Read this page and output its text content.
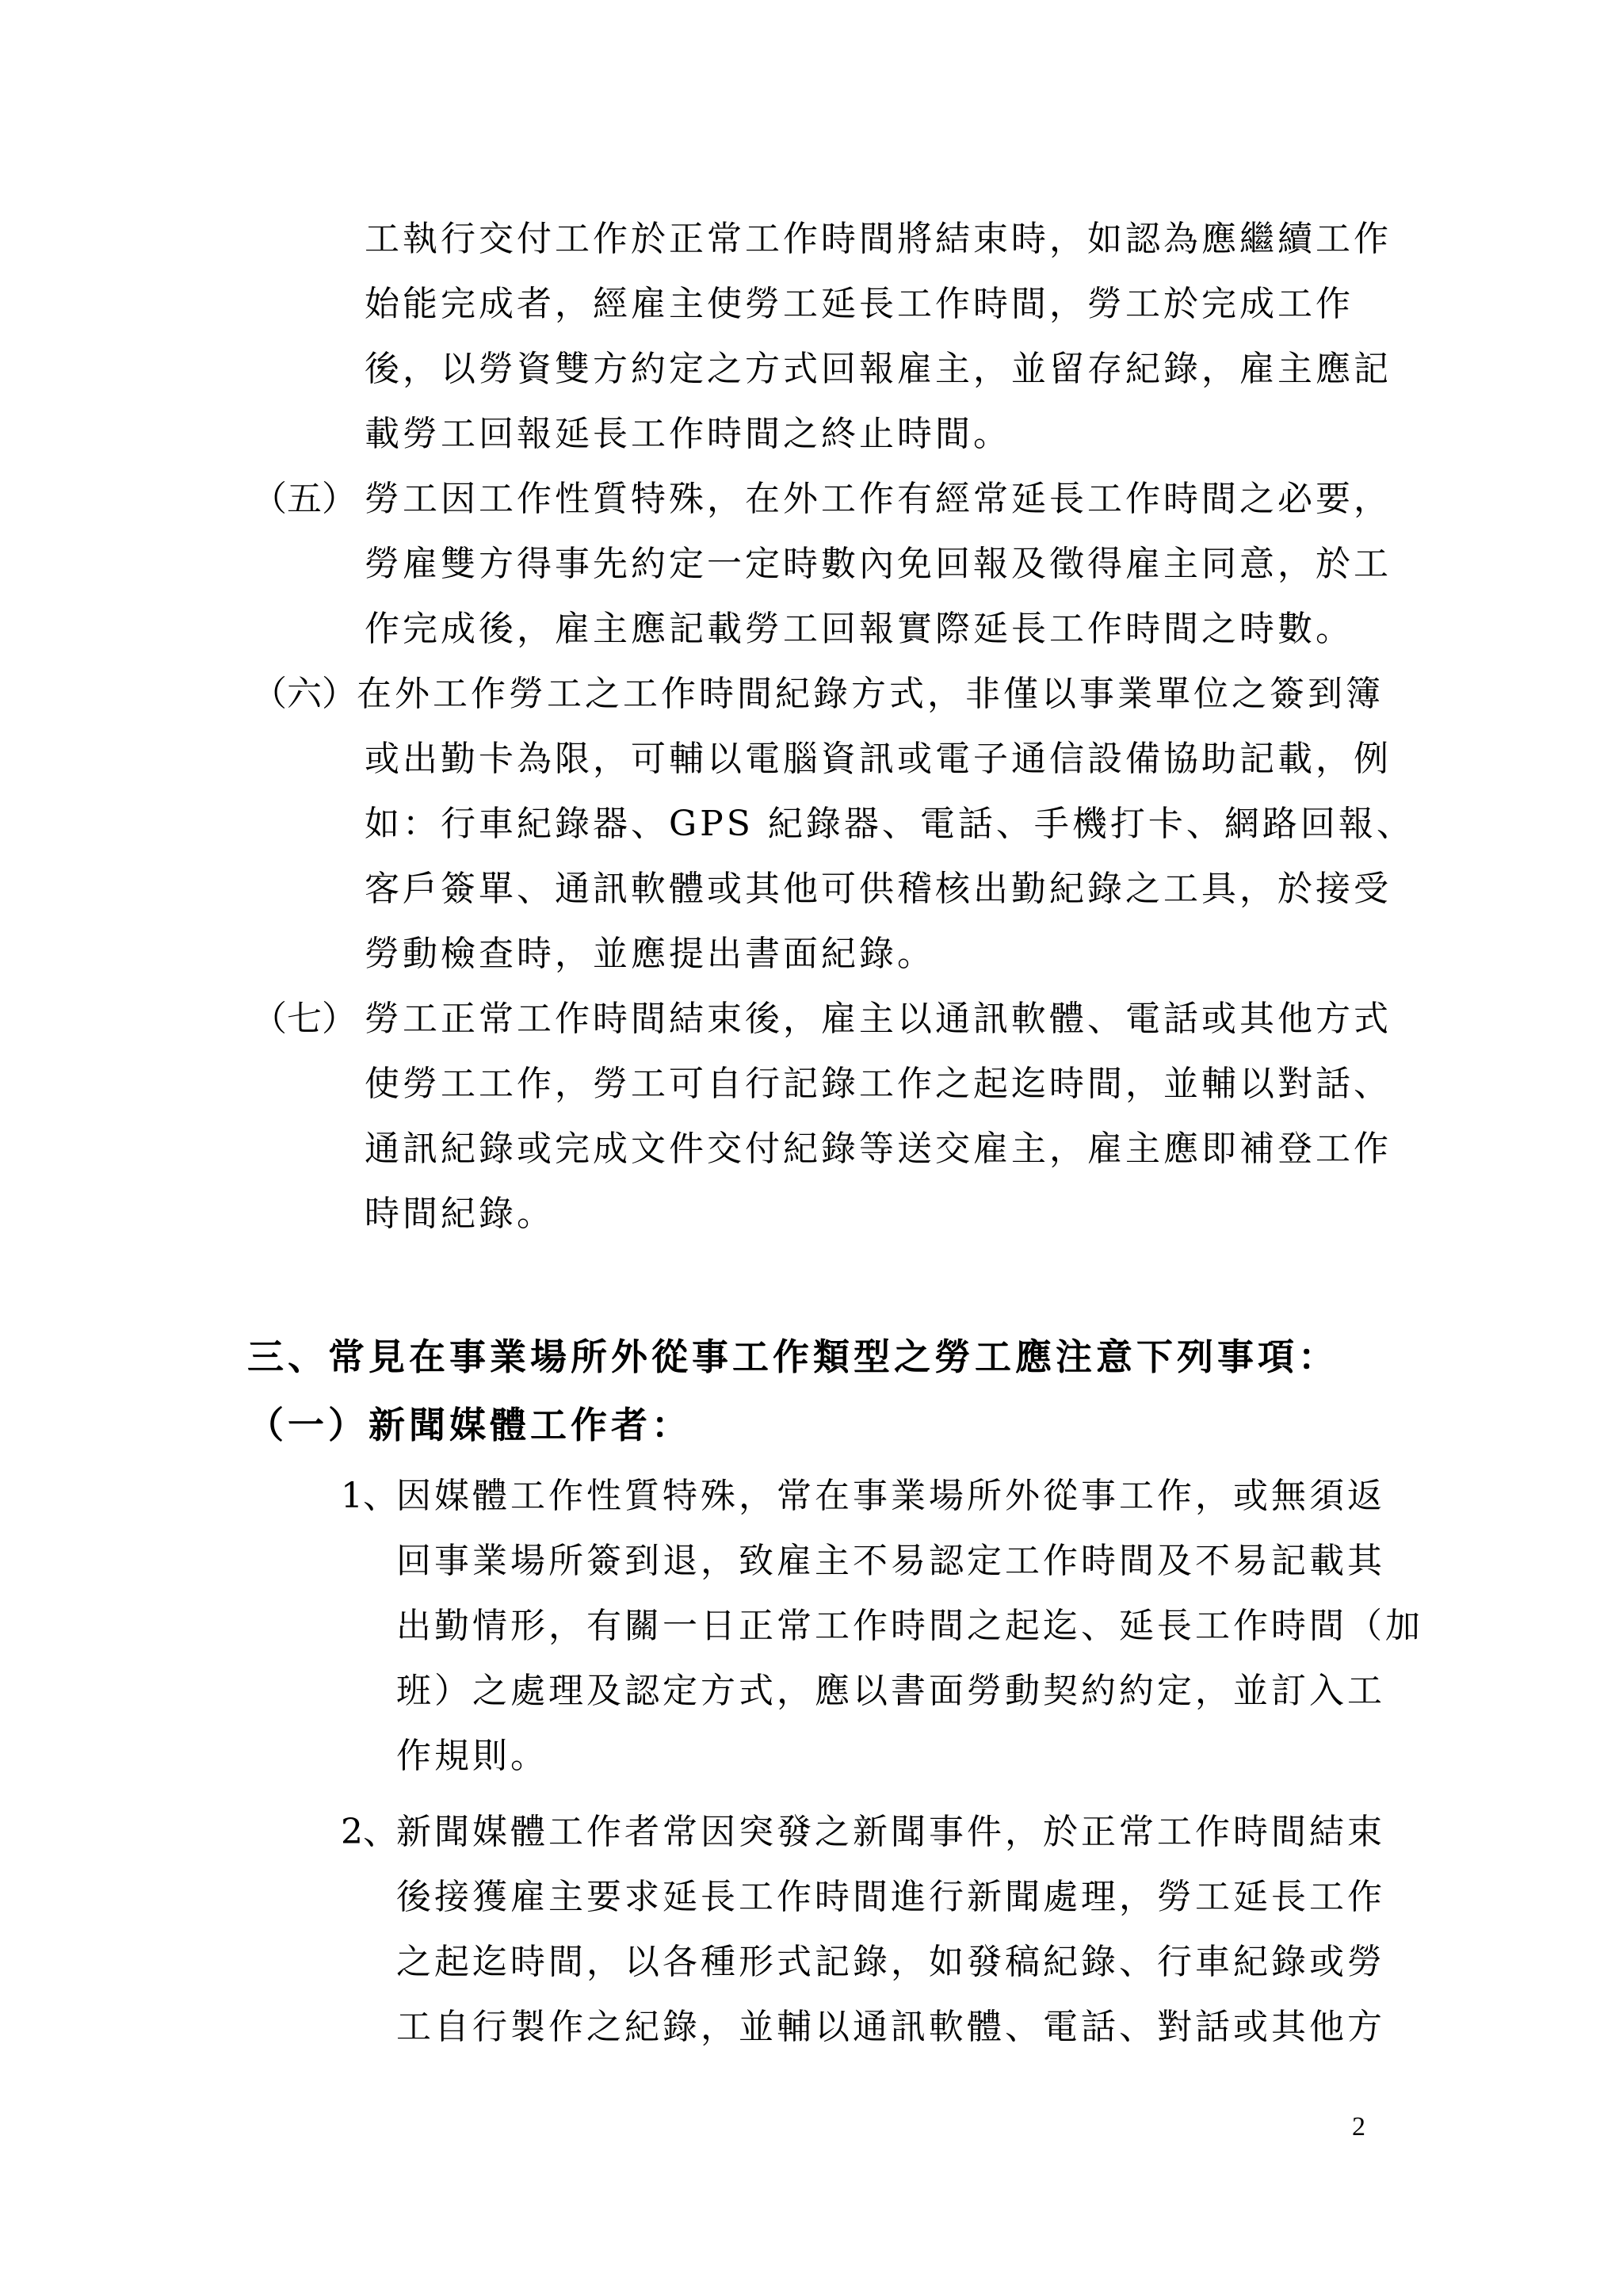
工執行交付工作於正常工作時間將結束時，如認為應繼續工作
始能完成者，經雇主使勞工延長工作時間，勞工於完成工作
後，以勞資雙方約定之方式回報雇主，並留存紀錄，雇主應記
載勞工回報延長工作時間之終止時間。
（五） 勞工因工作性質特殊，在外工作有經常延長工作時間之必要，
勞雇雙方得事先約定一定時數內免回報及徵得雇主同意，於工
作完成後，雇主應記載勞工回報實際延長工作時間之時數。
（六） 在外工作勞工之工作時間紀錄方式，非僅以事業單位之簽到簿
或出勤卡為限，可輔以電腦資訊或電子通信設備協助記載，例
如：行車紀錄器、GPS 紀錄器、電話、手機打卡、網路回報、
客戶簽單、通訊軟體或其他可供稽核出勤紀錄之工具，於接受
勞動檢查時，並應提出書面紀錄。
（七） 勞工正常工作時間結束後，雇主以通訊軟體、電話或其他方式
使勞工工作，勞工可自行記錄工作之起迄時間，並輔以對話、
通訊紀錄或完成文件交付紀錄等送交雇主，雇主應即補登工作
時間紀錄。
三、常見在事業場所外從事工作類型之勞工應注意下列事項：
（一）新聞媒體工作者：
1、
因媒體工作性質特殊，常在事業場所外從事工作，或無須返
回事業場所簽到退，致雇主不易認定工作時間及不易記載其
出勤情形，有關一日正常工作時間之起迄、延長工作時間（加
班）之處理及認定方式，應以書面勞動契約約定，並訂入工
作規則。
2、
新聞媒體工作者常因突發之新聞事件，於正常工作時間結束
後接獲雇主要求延長工作時間進行新聞處理，勞工延長工作
之起迄時間，以各種形式記錄，如發稿紀錄、行車紀錄或勞
工自行製作之紀錄，並輔以通訊軟體、電話、對話或其他方
2
